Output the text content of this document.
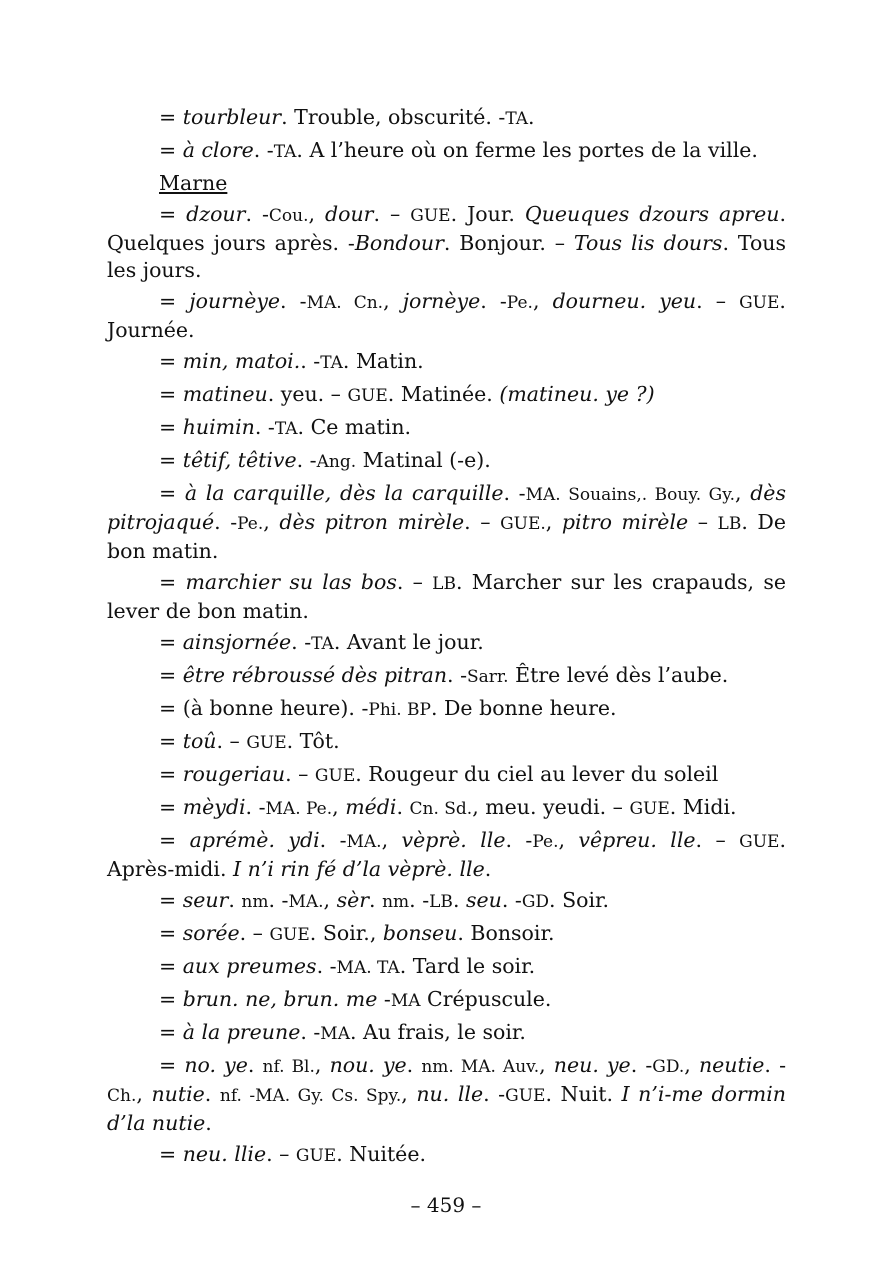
= tourbleur. Trouble, obscurité. -TA.

= à clore. -TA. A l’heure où on ferme les portes de la ville.

Marne

= dzour. -Cou., dour. – GUE. Jour. Queuques dzours apreu. Quelques jours après. -Bondour. Bonjour. – Tous lis dours. Tous les jours.

= journèye. -MA. Cn., jornèye. -Pe., dourneu. yeu. – GUE. Journée.

= min, matoi.. -TA. Matin.

= matineu. yeu. – GUE. Matinée. (matineu. ye ?)

= huimin. -TA. Ce matin.

= têtif, têtive. -Ang. Matinal (-e).

= à la carquille, dès la carquille. -MA. Souains,. Bouy. Gy., dès pitrojaqué. -Pe., dès pitron mirèle. – GUE., pitro mirèle – LB. De bon matin.

= marchier su las bos. – LB. Marcher sur les crapauds, se lever de bon matin.

= ainsjornée. -TA. Avant le jour.

= être rébroussé dès pitran. -Sarr. Être levé dès l’aube.

= (à bonne heure). -Phi. BP. De bonne heure.

= toû. – GUE. Tôt.

= rougeriau. – GUE. Rougeur du ciel au lever du soleil

= mèydi. -MA. Pe., médi. Cn. Sd., meu. yeudi. – GUE. Midi.

= aprémè. ydi. -MA., vèprè. lle. -Pe., vêpreu. lle. – GUE. Après-midi. I n’i rin fé d’la vèprè. lle.

= seur. nm. -MA., sèr. nm. -LB. seu. -GD. Soir.

= sorée. – GUE. Soir., bonseu. Bonsoir.

= aux preumes. -MA. TA. Tard le soir.

= brun. ne, brun. me -MA Crépuscule.

= à la preune. -MA. Au frais, le soir.

= no. ye. nf. Bl., nou. ye. nm. MA. Auv., neu. ye. -GD., neutie. -Ch., nutie. nf. -MA. Gy. Cs. Spy., nu. lle. -GUE. Nuit. I n’i-me dormin d’la nutie.

= neu. llie. – GUE. Nuitée.

– 459 –
